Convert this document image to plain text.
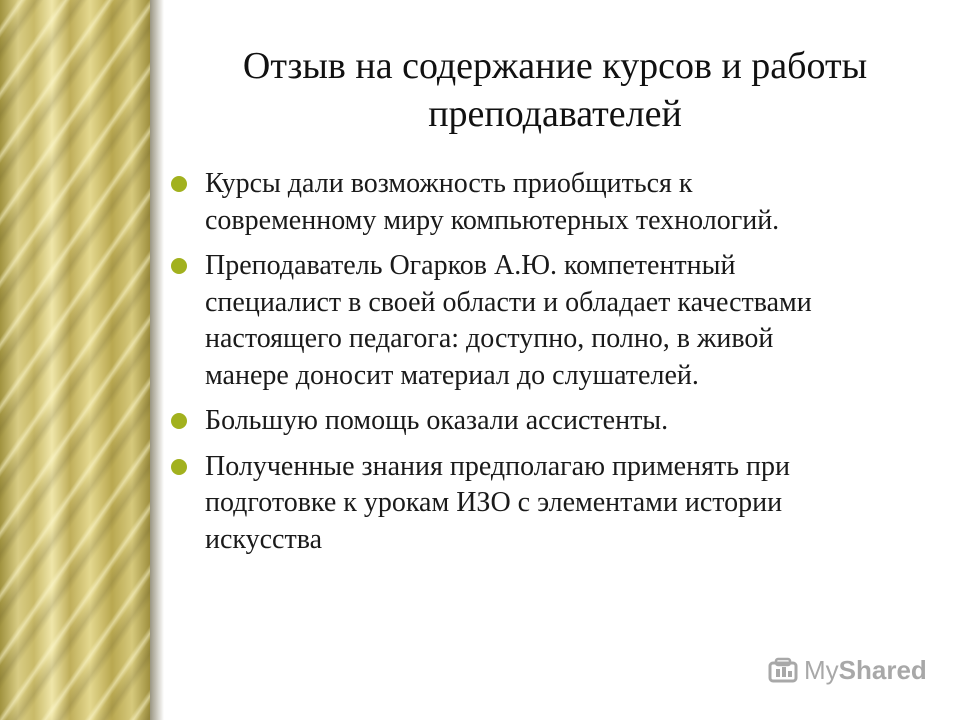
Отзыв на содержание курсов и работы
преподавателей
Курсы дали возможность приобщиться к
современному миру компьютерных технологий.
Преподаватель Огарков А.Ю. компетентный
специалист в своей области и обладает качествами
настоящего педагога: доступно, полно, в живой
манере доносит материал до слушателей.
Большую помощь оказали ассистенты.
Полученные знания предполагаю применять при
подготовке к урокам ИЗО с элементами истории
искусства
MyShared
